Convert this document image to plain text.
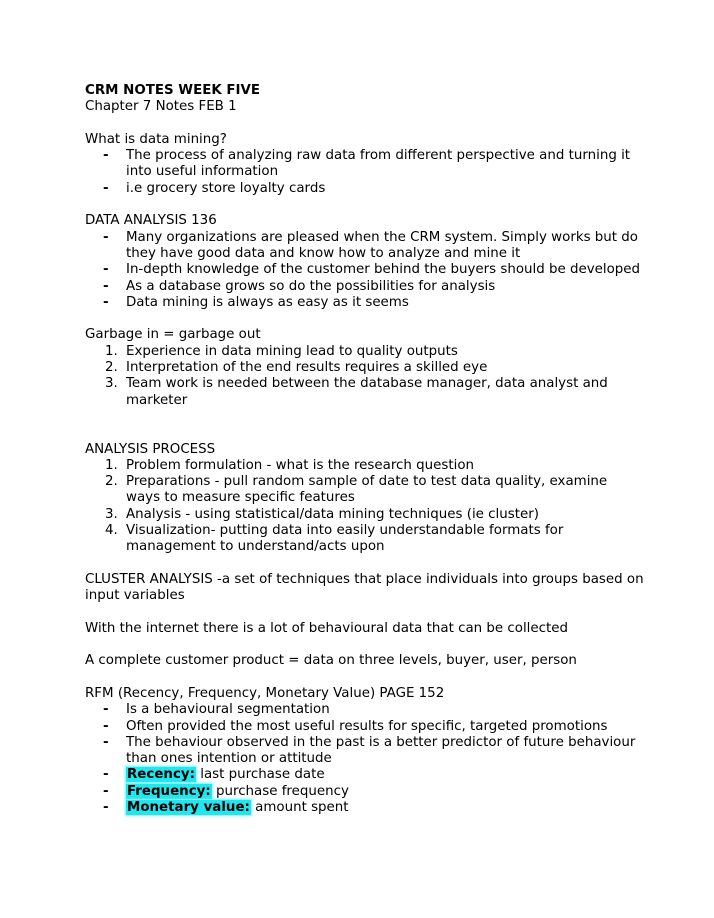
CRM NOTES WEEK FIVE

Chapter 7 Notes FEB 1

What is data mining?

- The process of analyzing raw data from different perspective and turning it into useful information
- i.e grocery store loyalty cards

DATA ANALYSIS 136

- Many organizations are pleased when the CRM system. Simply works but do they have good data and know how to analyze and mine it
- In-depth knowledge of the customer behind the buyers should be developed
- As a database grows so do the possibilities for analysis
- Data mining is always as easy as it seems

Garbage in = garbage out

1. Experience in data mining lead to quality outputs
2. Interpretation of the end results requires a skilled eye
3. Team work is needed between the database manager, data analyst and marketer

ANALYSIS PROCESS

1. Problem formulation - what is the research question
2. Preparations - pull random sample of date to test data quality, examine ways to measure specific features
3. Analysis - using statistical/data mining techniques (ie cluster)
4. Visualization- putting data into easily understandable formats for management to understand/acts upon

CLUSTER ANALYSIS -a set of techniques that place individuals into groups based on input variables

With the internet there is a lot of behavioural data that can be collected

A complete customer product = data on three levels, buyer, user, person

RFM (Recency, Frequency, Monetary Value) PAGE 152

- Is a behavioural segmentation
- Often provided the most useful results for specific, targeted promotions
- The behaviour observed in the past is a better predictor of future behaviour than ones intention or attitude
- Recency: last purchase date
- Frequency: purchase frequency
- Monetary value: amount spent
